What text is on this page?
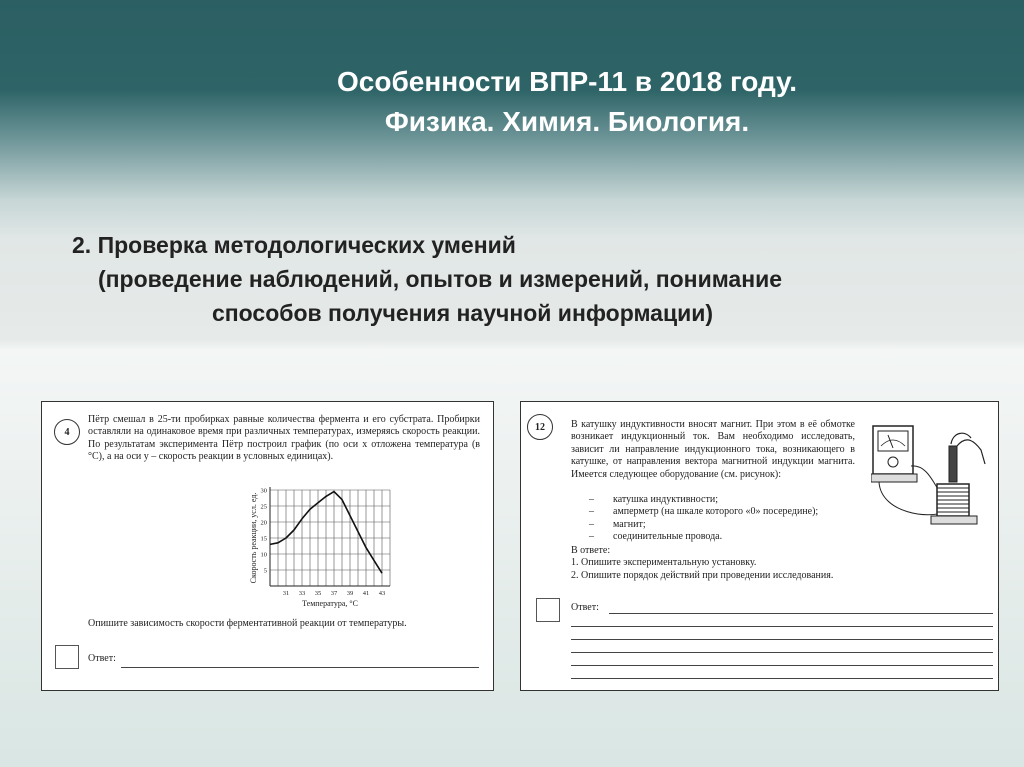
Особенности ВПР-11 в 2018 году.
Физика. Химия. Биология.
2. Проверка методологических умений
(проведение наблюдений, опытов и измерений, понимание
способов получения научной информации)
4
Пётр смешал в 25-ти пробирках равные количества фермента и его субстрата. Пробирки оставляли на одинаковое время при различных температурах, измеряясь скорость реакции. По результатам эксперимента Пётр построил график (по оси x отложена температура (в °С), а на оси y – скорость реакции в условных единицах).
31 33 35 37 39 41 43
5
10
15
20
25
30
Температура, °С
Скорость реакции, усл. ед.
Опишите зависимость скорости ферментативной реакции от температуры.
Ответ:
12	В катушку индуктивности вносят магнит. При этом в её обмотке возникает индукционный ток. Вам необходимо исследовать, зависит ли направление индукционного тока, возникающего в катушке, от направления вектора магнитной индукции магнита. Имеется следующее оборудование (см. рисунок):
– катушка индуктивности;
– амперметр (на шкале которого «0» посередине);
– магнит;
– соединительные провода.
В ответе:
1. Опишите экспериментальную установку.
2. Опишите порядок действий при проведении исследования.
Ответ:
